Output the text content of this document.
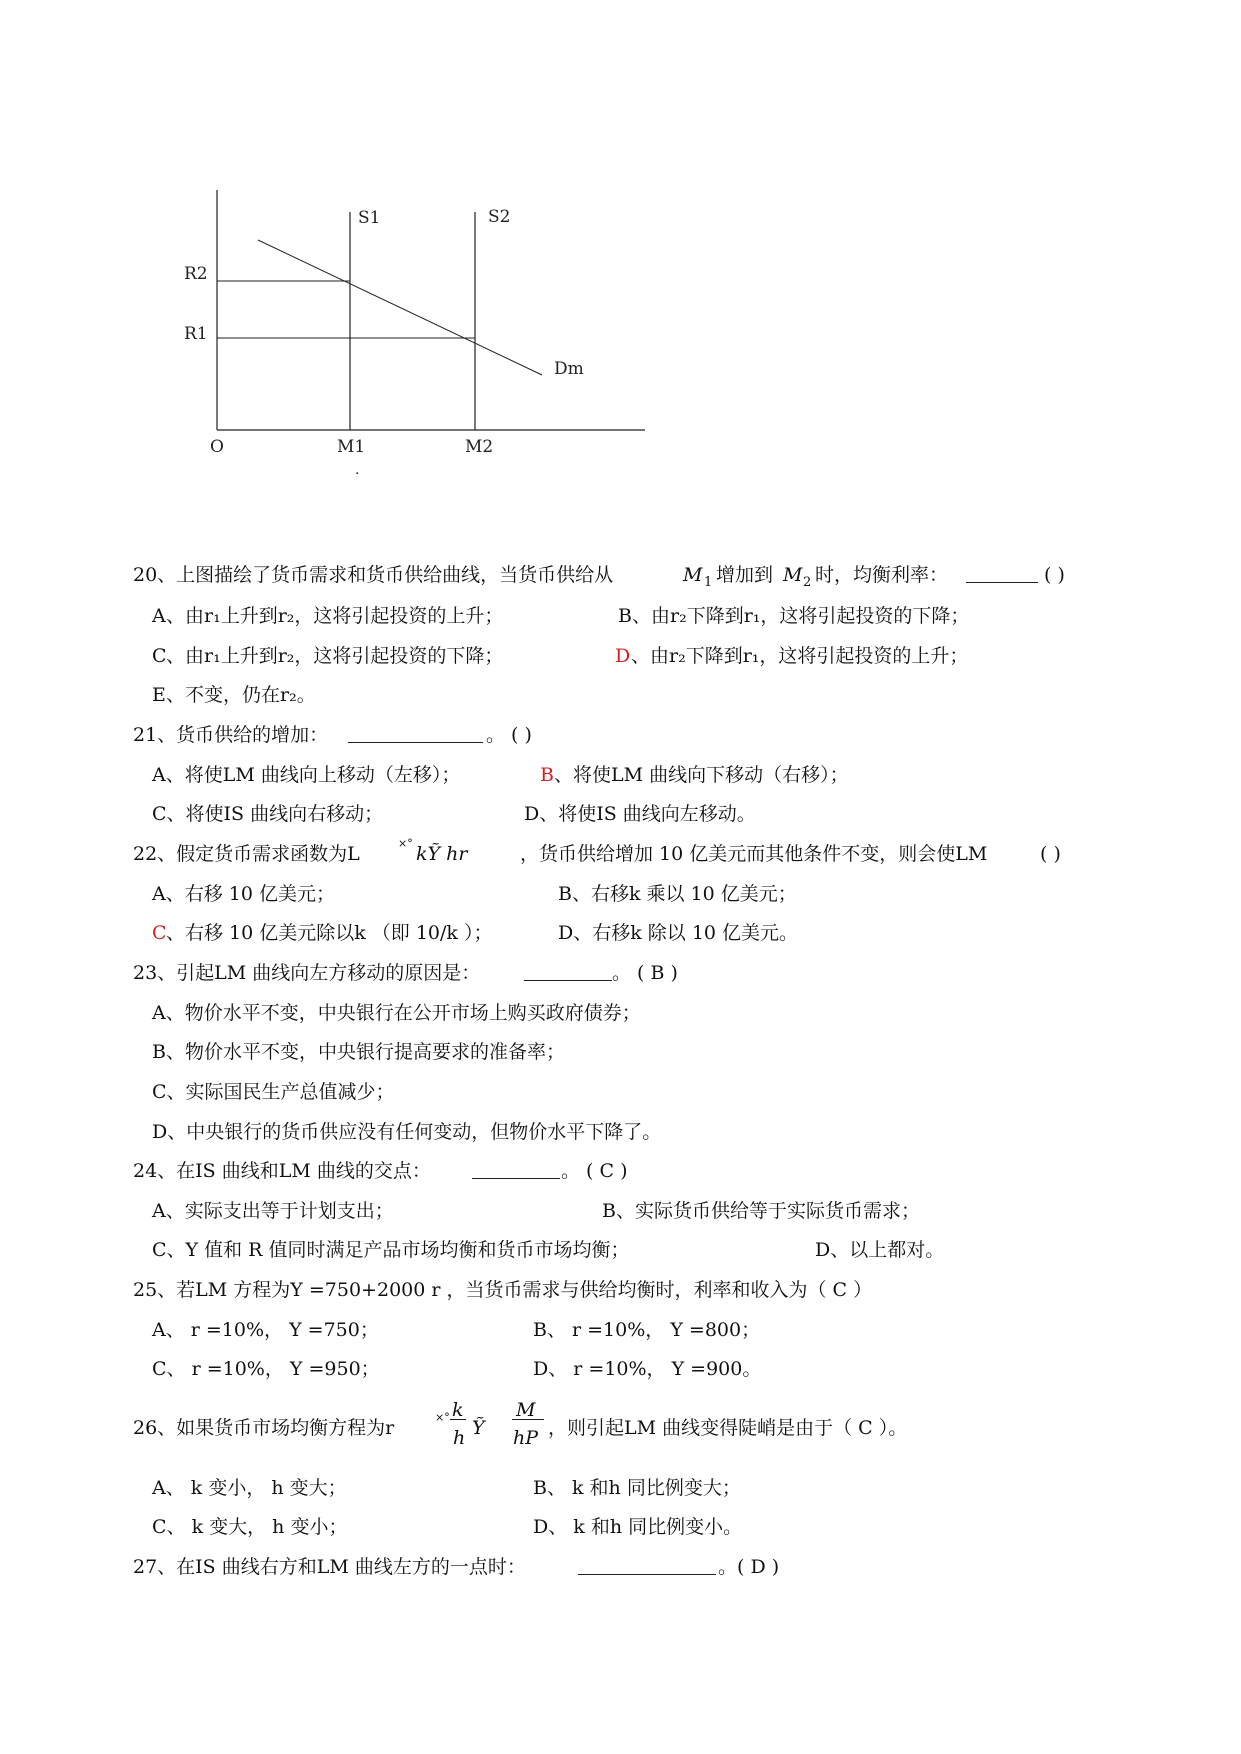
S1	S2
R2
R1
Dm
O	M1	M2
.
20、上图描绘了货币需求和货币供给曲线，当货币供给从	M 1 增加到 M 2 时，均衡利率：	( )
A 、由r₁上升到r₂，这将引起投资的上升；	B 、由r₂下降到r₁，这将引起投资的下降；
C 、由r₁上升到r₂，这将引起投资的下降；	D 、由r₂下降到r₁，这将引起投资的上升；
E 、不变，仍在r₂。
21、货币供给的增加：	。 ( )
A、将使LM 曲线向上移动（左移）；	B 、将使LM 曲线向下移动（右移）；
C、将使IS 曲线向右移动；	D、将使IS 曲线向左移动。
22、假定货币需求函数为L	×° kỸ hr	，货币供给增加 10 亿美元而其他条件不变，则会使LM	( )
A、右移 10 亿美元；	B、右移k 乘以 10 亿美元；
C 、右移 10 亿美元除以k （即 10/k ）；	D、右移k 除以 10 亿美元。
23、引起LM 曲线向左方移动的原因是：	。 ( B )
A、物价水平不变，中央银行在公开市场上购买政府债券；
B、物价水平不变，中央银行提高要求的准备率；
C、实际国民生产总值减少；
D、中央银行的货币供应没有任何变动，但物价水平下降了。
24、在IS 曲线和LM 曲线的交点：	。 ( C )
A、实际支出等于计划支出；	B、实际货币供给等于实际货币需求；
C、Y 值和 R 值同时满足产品市场均衡和货币市场均衡；	D、以上都对。
25、若LM 方程为Y =750+2000 r ，当货币需求与供给均衡时，利率和收入为（ C ）
A、 r =10%， Y =750；	B、 r =10%， Y =800；
C、 r =10%， Y =950；	D、 r =10%， Y =900。
26、如果货币市场均衡方程为r	×° k

h Ỹ
M

hP ，则引起LM 曲线变得陡峭是由于（ C ）。
A、 k 变小， h 变大；	B、 k 和h 同比例变大；
C、 k 变大， h 变小；	D、 k 和h 同比例变小。
27、在IS 曲线右方和LM 曲线左方的一点时：	。( D )
